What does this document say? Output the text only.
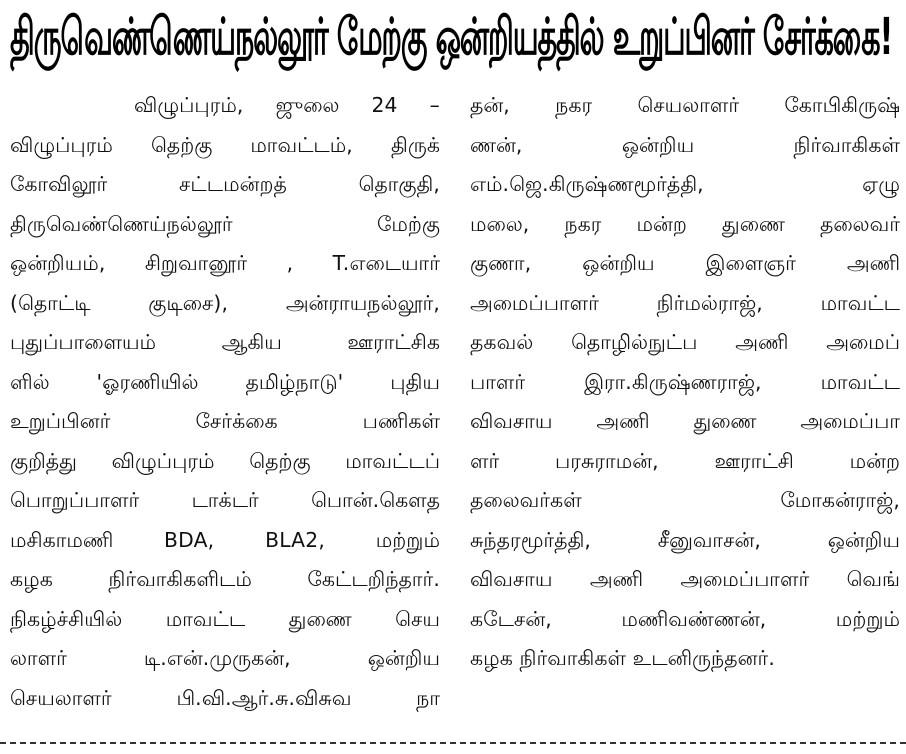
திருவெண்ணெய்நல்லூர் மேற்கு ஒன்றியத்தில் உறுப்பினர் சேர்க்கை!
விழுப்புரம், ஜுலை 24 –
விழுப்புரம் தெற்கு மாவட்டம், திருக்
கோவிலூர் சட்டமன்றத் தொகுதி,
திருவெண்ணெய்நல்லூர் மேற்கு
ஒன்றியம், சிறுவானூர் , T.எடையார்
(தொட்டி குடிசை), அன்ராயநல்லூர்,
புதுப்பாளையம் ஆகிய ஊராட்சிக
ளில் 'ஓரணியில் தமிழ்நாடு' புதிய
உறுப்பினர் சேர்க்கை பணிகள்
குறித்து விழுப்புரம் தெற்கு மாவட்டப்
பொறுப்பாளர் டாக்டர் பொன்.கௌத
மசிகாமணி BDA, BLA2, மற்றும்
கழக நிர்வாகிகளிடம் கேட்டறிந்தார்.
நிகழ்ச்சியில் மாவட்ட துணை செய
லாளர் டி.என்.முருகன், ஒன்றிய
செயலாளர் பி.வி.ஆர்.சு.விசுவ நா
தன், நகர செயலாளர் கோபிகிருஷ்
ணன், ஒன்றிய நிர்வாகிகள்
எம்.ஜெ.கிருஷ்ணமூர்த்தி, ஏழு
மலை, நகர மன்ற துணை தலைவர்
குணா, ஒன்றிய இளைஞர் அணி
அமைப்பாளர் நிர்மல்ராஜ், மாவட்ட
தகவல் தொழில்நுட்ப அணி அமைப்
பாளர் இரா.கிருஷ்ணராஜ், மாவட்ட
விவசாய அணி துணை அமைப்பா
ளர் பரசுராமன், ஊராட்சி மன்ற
தலைவர்கள் மோகன்ராஜ்,
சுந்தரமூர்த்தி, சீனுவாசன், ஒன்றிய
விவசாய அணி அமைப்பாளர் வெங்
கடேசன், மணிவண்ணன், மற்றும்
கழக நிர்வாகிகள் உடனிருந்தனர்.
